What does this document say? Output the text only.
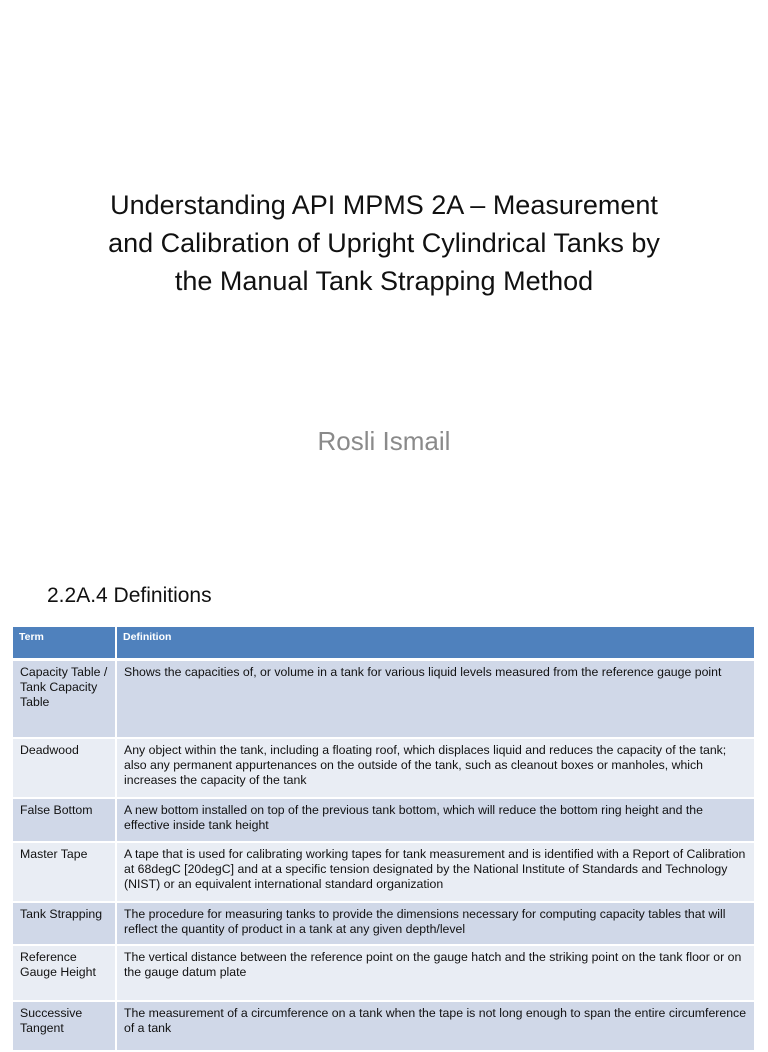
Understanding API MPMS 2A – Measurement
and Calibration of Upright Cylindrical Tanks by
the Manual Tank Strapping Method
Rosli Ismail
2.2A.4 Definitions
Term	Definition
Capacity Table / Tank Capacity Table	Shows the capacities of, or volume in a tank for various liquid levels measured from the reference gauge point
Deadwood	Any object within the tank, including a floating roof, which displaces liquid and reduces the capacity of the tank; also any permanent appurtenances on the outside of the tank, such as cleanout boxes or manholes, which increases the capacity of the tank
False Bottom	A new bottom installed on top of the previous tank bottom, which will reduce the bottom ring height and the effective inside tank height
Master Tape	A tape that is used for calibrating working tapes for tank measurement and is identified with a Report of Calibration at 68degC [20degC] and at a specific tension designated by the National Institute of Standards and Technology (NIST) or an equivalent international standard organization
Tank Strapping	The procedure for measuring tanks to provide the dimensions necessary for computing capacity tables that will reflect the quantity of product in a tank at any given depth/level
Reference Gauge Height	The vertical distance between the reference point on the gauge hatch and the striking point on the tank floor or on the gauge datum plate
Successive Tangent	The measurement of a circumference on a tank when the tape is not long enough to span the entire circumference of a tank
